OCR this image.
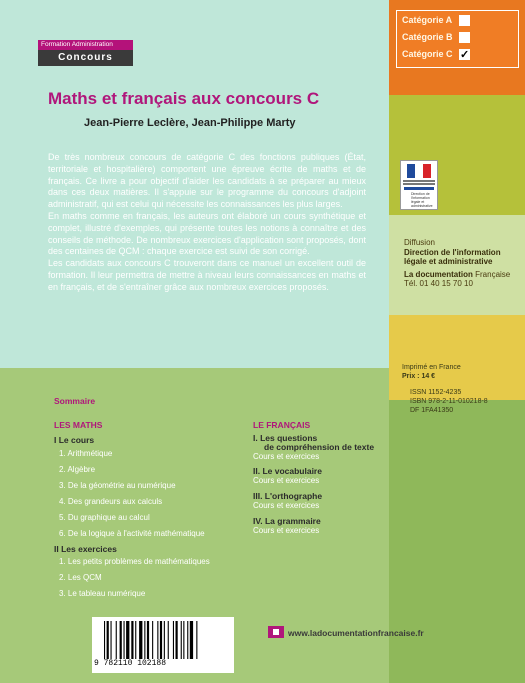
Catégorie A
Catégorie B
Catégorie C ✓
Formation Administration
Concours
Maths et français aux concours C
Jean-Pierre Leclère, Jean-Philippe Marty

De très nombreux concours de catégorie C des fonctions publiques (État, territoriale et hospitalière) comportent une épreuve écrite de maths et de français. Ce livre a pour objectif d'aider les candidats à se préparer au mieux dans ces deux matières. Il s'appuie sur le programme du concours d'adjoint administratif, qui est celui qui nécessite les connaissances les plus larges.

En maths comme en français, les auteurs ont élaboré un cours synthétique et complet, illustré d'exemples, qui présente toutes les notions à connaître et des conseils de méthode. De nombreux exercices d'application sont proposés, dont des centaines de QCM : chaque exercice est suivi de son corrigé.

Les candidats aux concours C trouveront dans ce manuel un excellent outil de formation. Il leur permettra de mettre à niveau leurs connaissances en maths et en français, et de s'entraîner grâce aux nombreux exercices proposés.

Direction de l'information légale et administrative
Diffusion
Direction de l'information
légale et administrative
La documentation Française
Tél. 01 40 15 70 10
Imprimé en France
Prix : 14 €
ISSN 1152-4235
ISBN 978-2-11-010218-8
DF 1FA41350
Sommaire
LES MATHS	LE FRANÇAIS
I Le cours
1. Arithmétique
2. Algèbre
3. De la géométrie au numérique
4. Des grandeurs aux calculs
5. Du graphique au calcul
6. De la logique à l'activité mathématique
II Les exercices
1. Les petits problèmes de mathématiques
2. Les QCM
3. Le tableau numérique
I. Les questions
de compréhension de texte
Cours et exercices
II. Le vocabulaire
Cours et exercices
III. L'orthographe
Cours et exercices
IV. La grammaire
Cours et exercices
9 782110 102188
www.ladocumentationfrancaise.fr
